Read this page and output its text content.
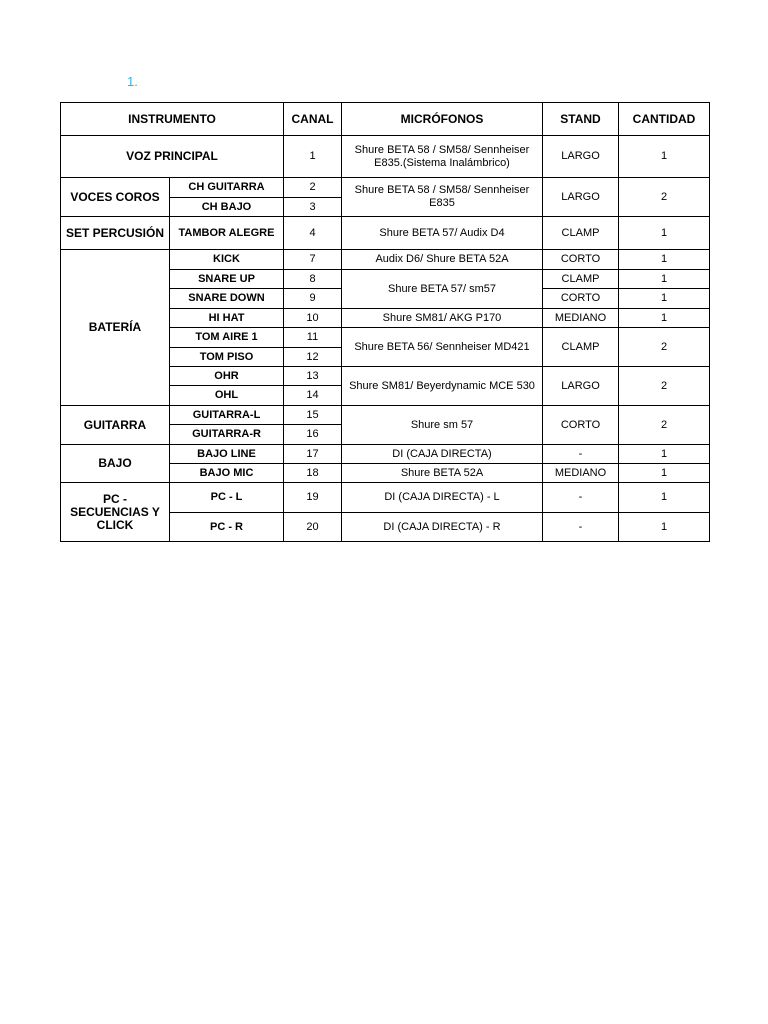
1.
INSTRUMENTO		CANAL	MICRÓFONOS	STAND	CANTIDAD
VOZ PRINCIPAL		1	Shure BETA 58 / SM58/ Sennheiser E835.(Sistema Inalámbrico)	LARGO	1
VOCES COROS	CH GUITARRA	2	Shure BETA 58 / SM58/ Sennheiser E835	LARGO	2
	CH BAJO	3			
SET PERCUSIÓN	TAMBOR ALEGRE	4	Shure BETA 57/ Audix D4	CLAMP	1
BATERÍA	KICK	7	Audix D6/ Shure BETA 52A	CORTO	1
	SNARE UP	8	Shure BETA 57/ sm57	CLAMP	1
	SNARE DOWN	9		CORTO	1
	HI HAT	10	Shure SM81/ AKG P170	MEDIANO	1
	TOM AIRE 1	11	Shure BETA 56/ Sennheiser MD421	CLAMP	2
	TOM PISO	12			
	OHR	13	Shure SM81/ Beyerdynamic MCE 530	LARGO	2
	OHL	14			
GUITARRA	GUITARRA-L	15	Shure sm 57	CORTO	2
	GUITARRA-R	16			
BAJO	BAJO LINE	17	DI (CAJA DIRECTA)	-	1
	BAJO MIC	18	Shure BETA 52A	MEDIANO	1
PC - SECUENCIAS Y CLICK	PC - L	19	DI (CAJA DIRECTA) - L	-	1
	PC - R	20	DI (CAJA DIRECTA) - R	-	1
